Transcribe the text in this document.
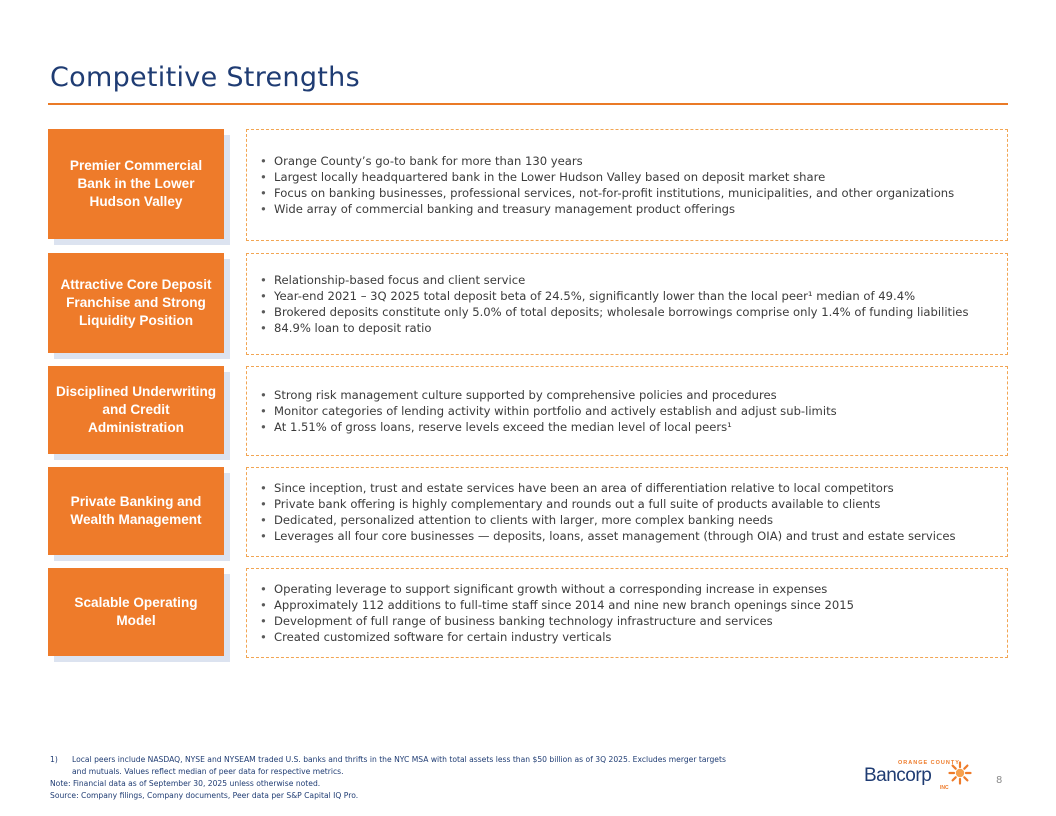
Competitive Strengths
Premier Commercial Bank in the Lower Hudson Valley
• Orange County’s go-to bank for more than 130 years
• Largest locally headquartered bank in the Lower Hudson Valley based on deposit market share
• Focus on banking businesses, professional services, not-for-profit institutions, municipalities, and other organizations
• Wide array of commercial banking and treasury management product offerings
Attractive Core Deposit Franchise and Strong Liquidity Position
• Relationship-based focus and client service
• Year-end 2021 – 3Q 2025 total deposit beta of 24.5%, significantly lower than the local peer¹ median of 49.4%
• Brokered deposits constitute only 5.0% of total deposits; wholesale borrowings comprise only 1.4% of funding liabilities
• 84.9% loan to deposit ratio
Disciplined Underwriting and Credit Administration
• Strong risk management culture supported by comprehensive policies and procedures
• Monitor categories of lending activity within portfolio and actively establish and adjust sub-limits
• At 1.51% of gross loans, reserve levels exceed the median level of local peers¹
Private Banking and Wealth Management
• Since inception, trust and estate services have been an area of differentiation relative to local competitors
• Private bank offering is highly complementary and rounds out a full suite of products available to clients
• Dedicated, personalized attention to clients with larger, more complex banking needs
• Leverages all four core businesses — deposits, loans, asset management (through OIA) and trust and estate services
Scalable Operating Model
• Operating leverage to support significant growth without a corresponding increase in expenses
• Approximately 112 additions to full-time staff since 2014 and nine new branch openings since 2015
• Development of full range of business banking technology infrastructure and services
• Created customized software for certain industry verticals
1) Local peers include NASDAQ, NYSE and NYSEAM traded U.S. banks and thrifts in the NYC MSA with total assets less than $50 billion as of 3Q 2025. Excludes merger targets
and mutuals. Values reflect median of peer data for respective metrics.
Note: Financial data as of September 30, 2025 unless otherwise noted.
Source: Company filings, Company documents, Peer data per S&P Capital IQ Pro.
ORANGE COUNTY
Bancorp
INC
8
